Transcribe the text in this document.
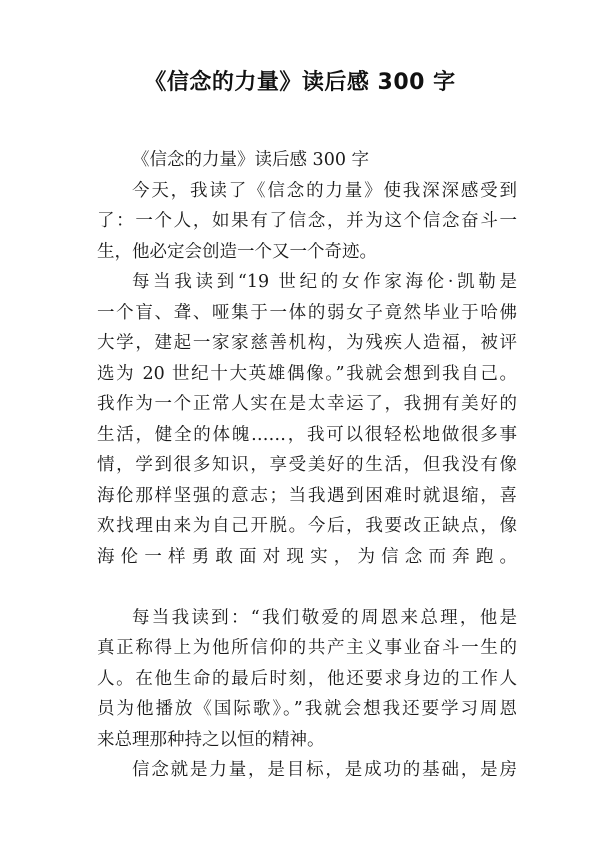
《信念的力量》读后感 300 字
《信念的力量》读后感 300 字
今天，我读了《信念的力量》使我深深感受到
了：一个人，如果有了信念，并为这个信念奋斗一
生，他必定会创造一个又一个奇迹。
每当我读到“19 世纪的女作家海伦·凯勒是
一个盲、聋、哑集于一体的弱女子竟然毕业于哈佛
大学，建起一家家慈善机构，为残疾人造福，被评
选为 20 世纪十大英雄偶像。”我就会想到我自己。
我作为一个正常人实在是太幸运了，我拥有美好的
生活，健全的体魄……，我可以很轻松地做很多事
情，学到很多知识，享受美好的生活，但我没有像
海伦那样坚强的意志；当我遇到困难时就退缩，喜
欢找理由来为自己开脱。今后，我要改正缺点，像
海伦一样勇敢面对现实，为信念而奔跑。
每当我读到：“我们敬爱的周恩来总理，他是
真正称得上为他所信仰的共产主义事业奋斗一生的
人。在他生命的最后时刻，他还要求身边的工作人
员为他播放《国际歌》。”我就会想我还要学习周恩
来总理那种持之以恒的精神。
信念就是力量，是目标，是成功的基础，是房
